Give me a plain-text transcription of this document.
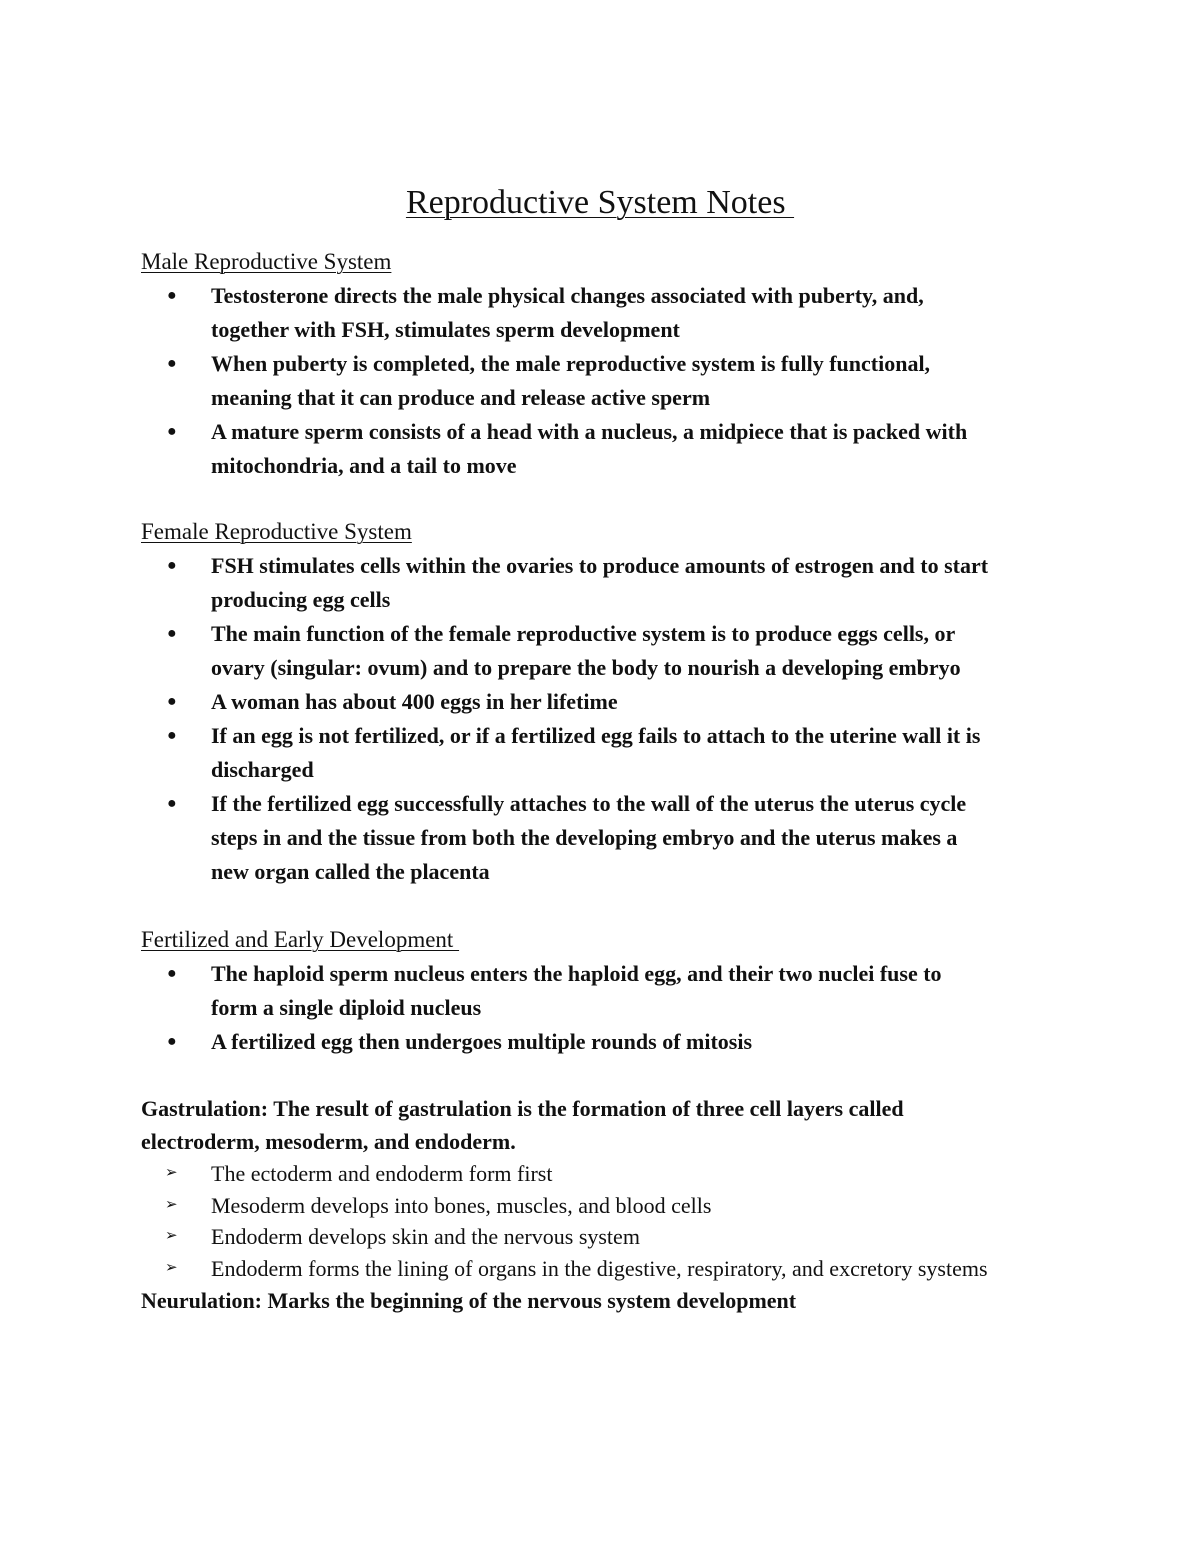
Reproductive System Notes
Male Reproductive System
● Testosterone directs the male physical changes associated with puberty, and,
together with FSH, stimulates sperm development
● When puberty is completed, the male reproductive system is fully functional,
meaning that it can produce and release active sperm
● A mature sperm consists of a head with a nucleus, a midpiece that is packed with
mitochondria, and a tail to move
Female Reproductive System
● FSH stimulates cells within the ovaries to produce amounts of estrogen and to start
producing egg cells
● The main function of the female reproductive system is to produce eggs cells, or
ovary (singular: ovum) and to prepare the body to nourish a developing embryo
● A woman has about 400 eggs in her lifetime
● If an egg is not fertilized, or if a fertilized egg fails to attach to the uterine wall it is
discharged
● If the fertilized egg successfully attaches to the wall of the uterus the uterus cycle
steps in and the tissue from both the developing embryo and the uterus makes a
new organ called the placenta
Fertilized and Early Development
● The haploid sperm nucleus enters the haploid egg, and their two nuclei fuse to
form a single diploid nucleus
● A fertilized egg then undergoes multiple rounds of mitosis
Gastrulation: The result of gastrulation is the formation of three cell layers called
electroderm, mesoderm, and endoderm.
➢ The ectoderm and endoderm form first
➢ Mesoderm develops into bones, muscles, and blood cells
➢ Endoderm develops skin and the nervous system
➢ Endoderm forms the lining of organs in the digestive, respiratory, and excretory systems
Neurulation: Marks the beginning of the nervous system development
